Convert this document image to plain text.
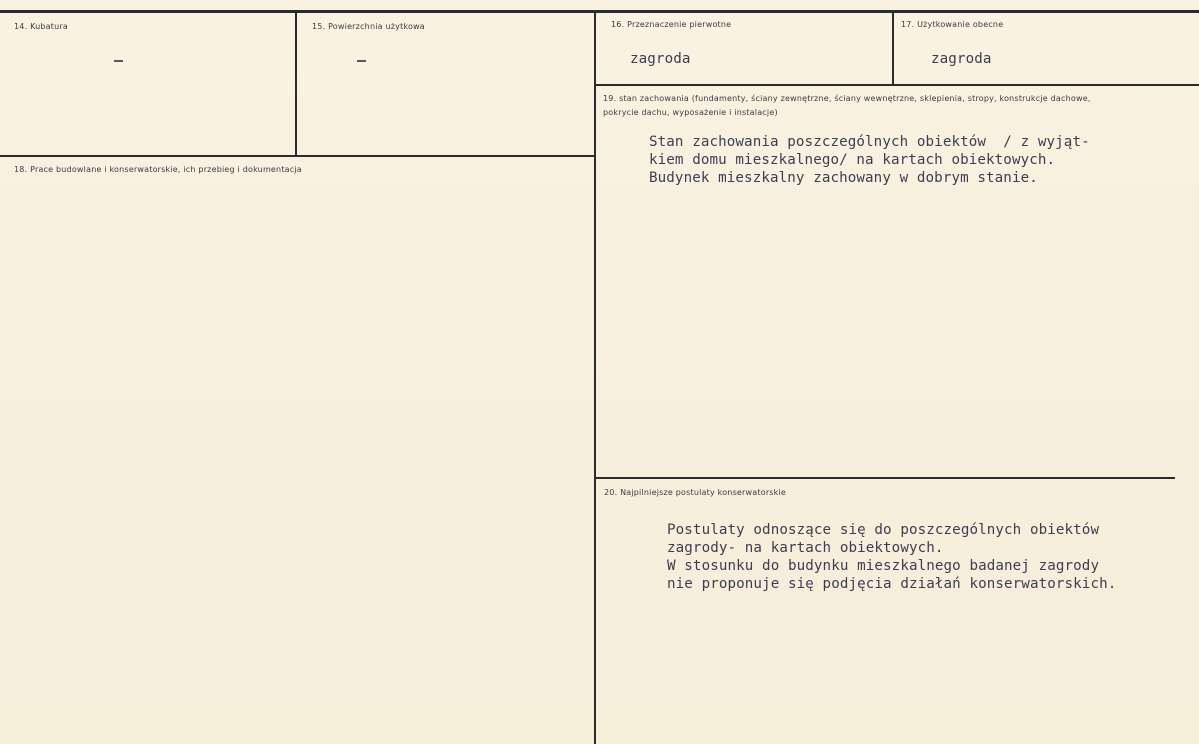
14. Kubatura	15. Powierzchnia użytkowa	16. Przeznaczenie pierwotne
zagroda
17. Użytkowanie obecne
zagroda
18. Prace budowlane i konserwatorskie, ich przebieg i dokumentacja
19. stan zachowania (fundamenty, ściany zewnętrzne, ściany wewnętrzne, sklepienia, stropy, konstrukcje dachowe, pokrycie dachu, wyposażenie i instalacje)
Stan zachowania poszczególnych obiektów  / z wyjąt-
kiem domu mieszkalnego/ na kartach obiektowych.
Budynek mieszkalny zachowany w dobrym stanie.
20. Najpilniejsze postulaty konserwatorskie
Postulaty odnoszące się do poszczególnych obiektów
zagrody- na kartach obiektowych.
W stosunku do budynku mieszkalnego badanej zagrody
nie proponuje się podjęcia działań konserwatorskich.
